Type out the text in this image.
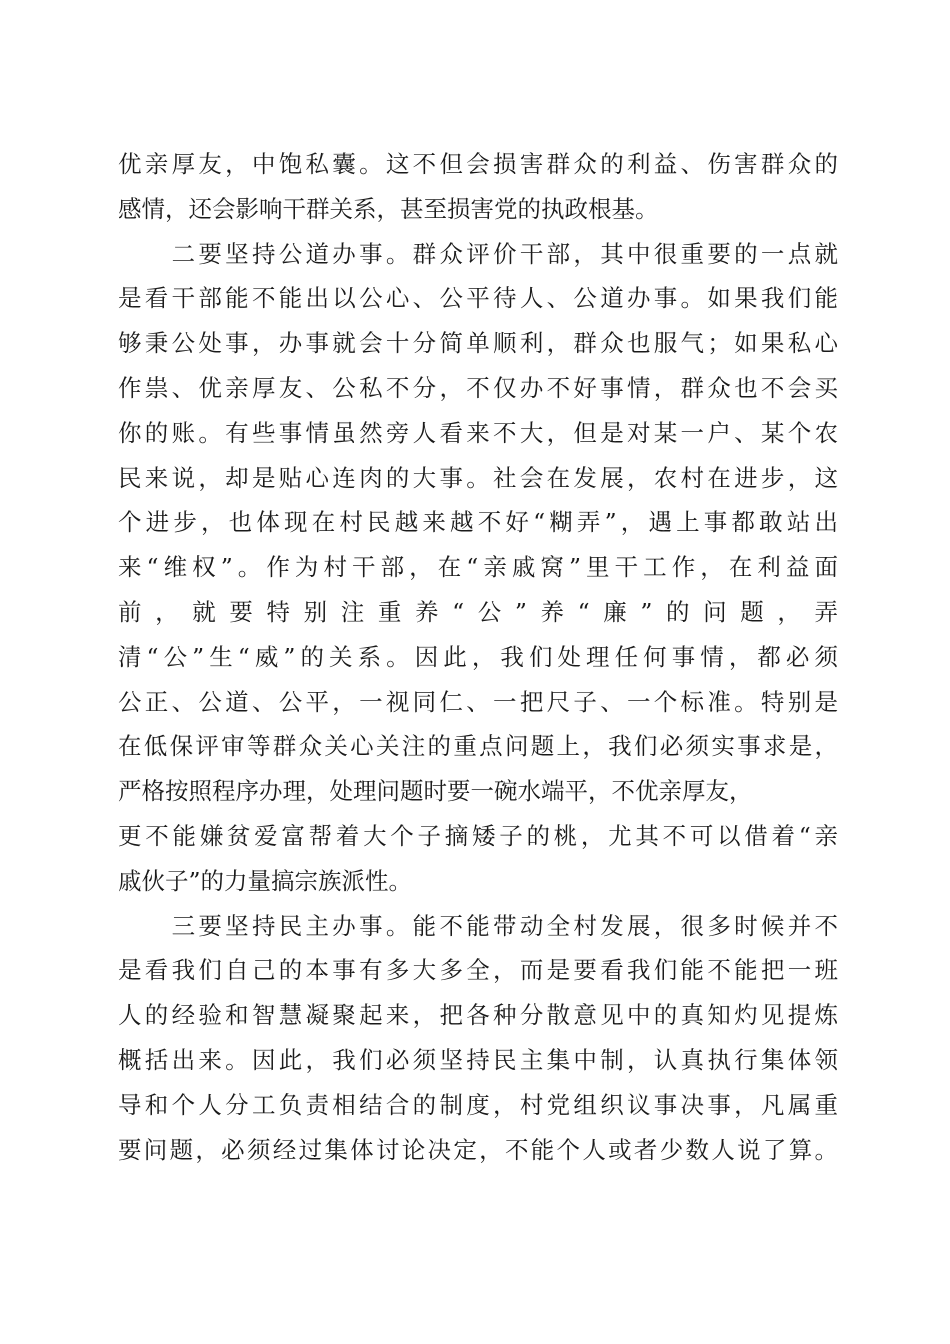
优亲厚友，中饱私囊。这不但会损害群众的利益、伤害群众的
感情，还会影响干群关系，甚至损害党的执政根基。
　　二要坚持公道办事。群众评价干部，其中很重要的一点就
是看干部能不能出以公心、公平待人、公道办事。如果我们能
够秉公处事，办事就会十分简单顺利，群众也服气；如果私心
作祟、优亲厚友、公私不分，不仅办不好事情，群众也不会买
你的账。有些事情虽然旁人看来不大，但是对某一户、某个农
民来说，却是贴心连肉的大事。社会在发展，农村在进步，这
个进步，也体现在村民越来越不好“糊弄”，遇上事都敢站出
来“维权”。作为村干部，在“亲戚窝”里干工作，在利益面
前，就要特别注重养“公”养“廉”的问题，弄
清“公”生“威”的关系。因此，我们处理任何事情，都必须
公正、公道、公平，一视同仁、一把尺子、一个标准。特别是
在低保评审等群众关心关注的重点问题上，我们必须实事求是，
严格按照程序办理，处理问题时要一碗水端平，不优亲厚友，
更不能嫌贫爱富帮着大个子摘矮子的桃，尤其不可以借着“亲
戚伙子”的力量搞宗族派性。
　　三要坚持民主办事。能不能带动全村发展，很多时候并不
是看我们自己的本事有多大多全，而是要看我们能不能把一班
人的经验和智慧凝聚起来，把各种分散意见中的真知灼见提炼
概括出来。因此，我们必须坚持民主集中制，认真执行集体领
导和个人分工负责相结合的制度，村党组织议事决事，凡属重
要问题，必须经过集体讨论决定，不能个人或者少数人说了算。
